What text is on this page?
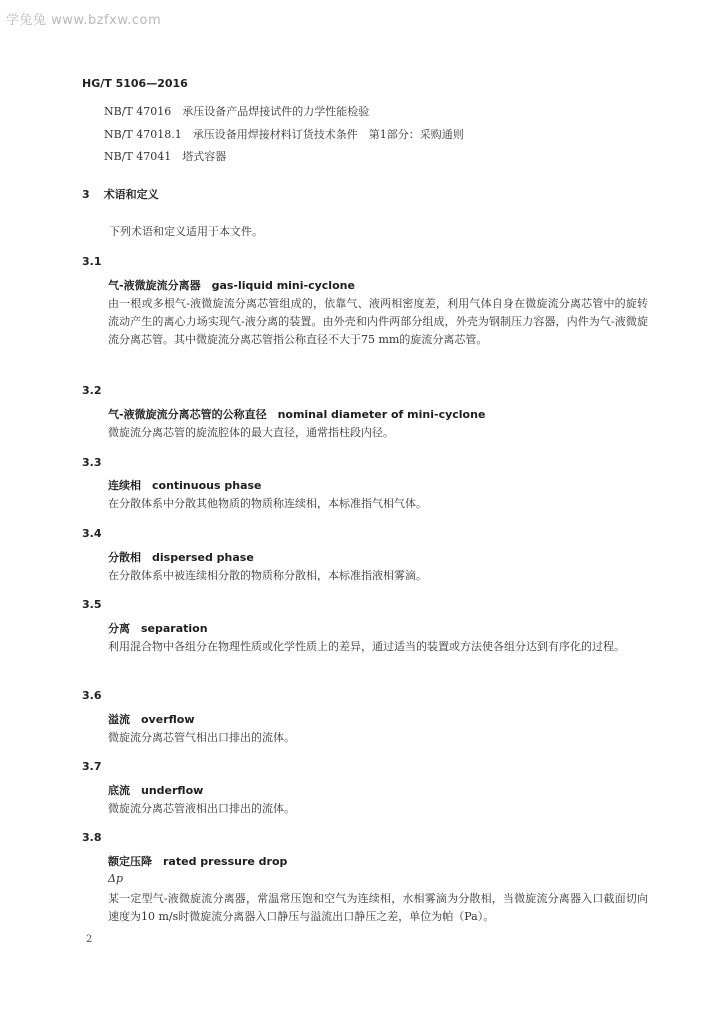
学兔兔 www.bzfxw.com
HG/T 5106—2016
NB/T 47016　承压设备产品焊接试件的力学性能检验
NB/T 47018.1　承压设备用焊接材料订货技术条件　第1部分：采购通则
NB/T 47041　塔式容器
3 术语和定义
下列术语和定义适用于本文件。
3.1
气-液微旋流分离器　gas-liquid mini-cyclone
由一根或多根气-液微旋流分离芯管组成的，依靠气、液两相密度差，利用气体自身在微旋流分离芯管中的旋转流动产生的离心力场实现气-液分离的装置。由外壳和内件两部分组成，外壳为钢制压力容器，内件为气-液微旋流分离芯管。其中微旋流分离芯管指公称直径不大于75 mm的旋流分离芯管。
3.2
气-液微旋流分离芯管的公称直径　nominal diameter of mini-cyclone
微旋流分离芯管的旋流腔体的最大直径，通常指柱段内径。
3.3
连续相　continuous phase
在分散体系中分散其他物质的物质称连续相，本标准指气相气体。
3.4
分散相　dispersed phase
在分散体系中被连续相分散的物质称分散相，本标准指液相雾滴。
3.5
分离　separation
利用混合物中各组分在物理性质或化学性质上的差异，通过适当的装置或方法使各组分达到有序化的过程。
3.6
溢流　overflow
微旋流分离芯管气相出口排出的流体。
3.7
底流　underflow
微旋流分离芯管液相出口排出的流体。
3.8
额定压降　rated pressure drop
Δp
某一定型气-液微旋流分离器，常温常压饱和空气为连续相，水相雾滴为分散相，当微旋流分离器入口截面切向速度为10 m/s时微旋流分离器入口静压与溢流出口静压之差，单位为帕（Pa）。
2
